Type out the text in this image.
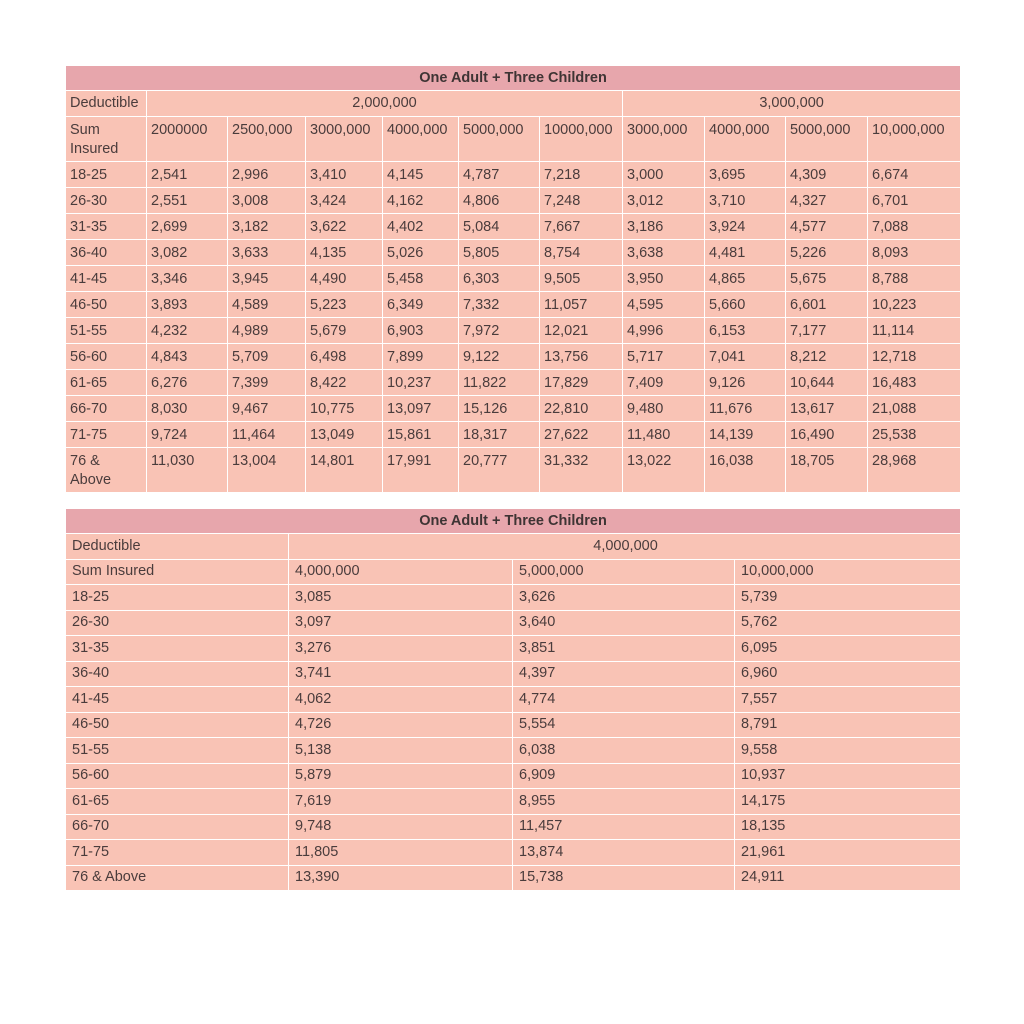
One Adult + Three Children										
Deductible	2,000,000						3,000,000			
Sum Insured	2000000	2500,000	3000,000	4000,000	5000,000	10000,000	3000,000	4000,000	5000,000	10,000,000
18-25	2,541	2,996	3,410	4,145	4,787	7,218	3,000	3,695	4,309	6,674
26-30	2,551	3,008	3,424	4,162	4,806	7,248	3,012	3,710	4,327	6,701
31-35	2,699	3,182	3,622	4,402	5,084	7,667	3,186	3,924	4,577	7,088
36-40	3,082	3,633	4,135	5,026	5,805	8,754	3,638	4,481	5,226	8,093
41-45	3,346	3,945	4,490	5,458	6,303	9,505	3,950	4,865	5,675	8,788
46-50	3,893	4,589	5,223	6,349	7,332	11,057	4,595	5,660	6,601	10,223
51-55	4,232	4,989	5,679	6,903	7,972	12,021	4,996	6,153	7,177	11,114
56-60	4,843	5,709	6,498	7,899	9,122	13,756	5,717	7,041	8,212	12,718
61-65	6,276	7,399	8,422	10,237	11,822	17,829	7,409	9,126	10,644	16,483
66-70	8,030	9,467	10,775	13,097	15,126	22,810	9,480	11,676	13,617	21,088
71-75	9,724	11,464	13,049	15,861	18,317	27,622	11,480	14,139	16,490	25,538
76 & Above	11,030	13,004	14,801	17,991	20,777	31,332	13,022	16,038	18,705	28,968
One Adult + Three Children			
Deductible	4,000,000		
Sum Insured	4,000,000	5,000,000	10,000,000
18-25	3,085	3,626	5,739
26-30	3,097	3,640	5,762
31-35	3,276	3,851	6,095
36-40	3,741	4,397	6,960
41-45	4,062	4,774	7,557
46-50	4,726	5,554	8,791
51-55	5,138	6,038	9,558
56-60	5,879	6,909	10,937
61-65	7,619	8,955	14,175
66-70	9,748	11,457	18,135
71-75	11,805	13,874	21,961
76 & Above	13,390	15,738	24,911
